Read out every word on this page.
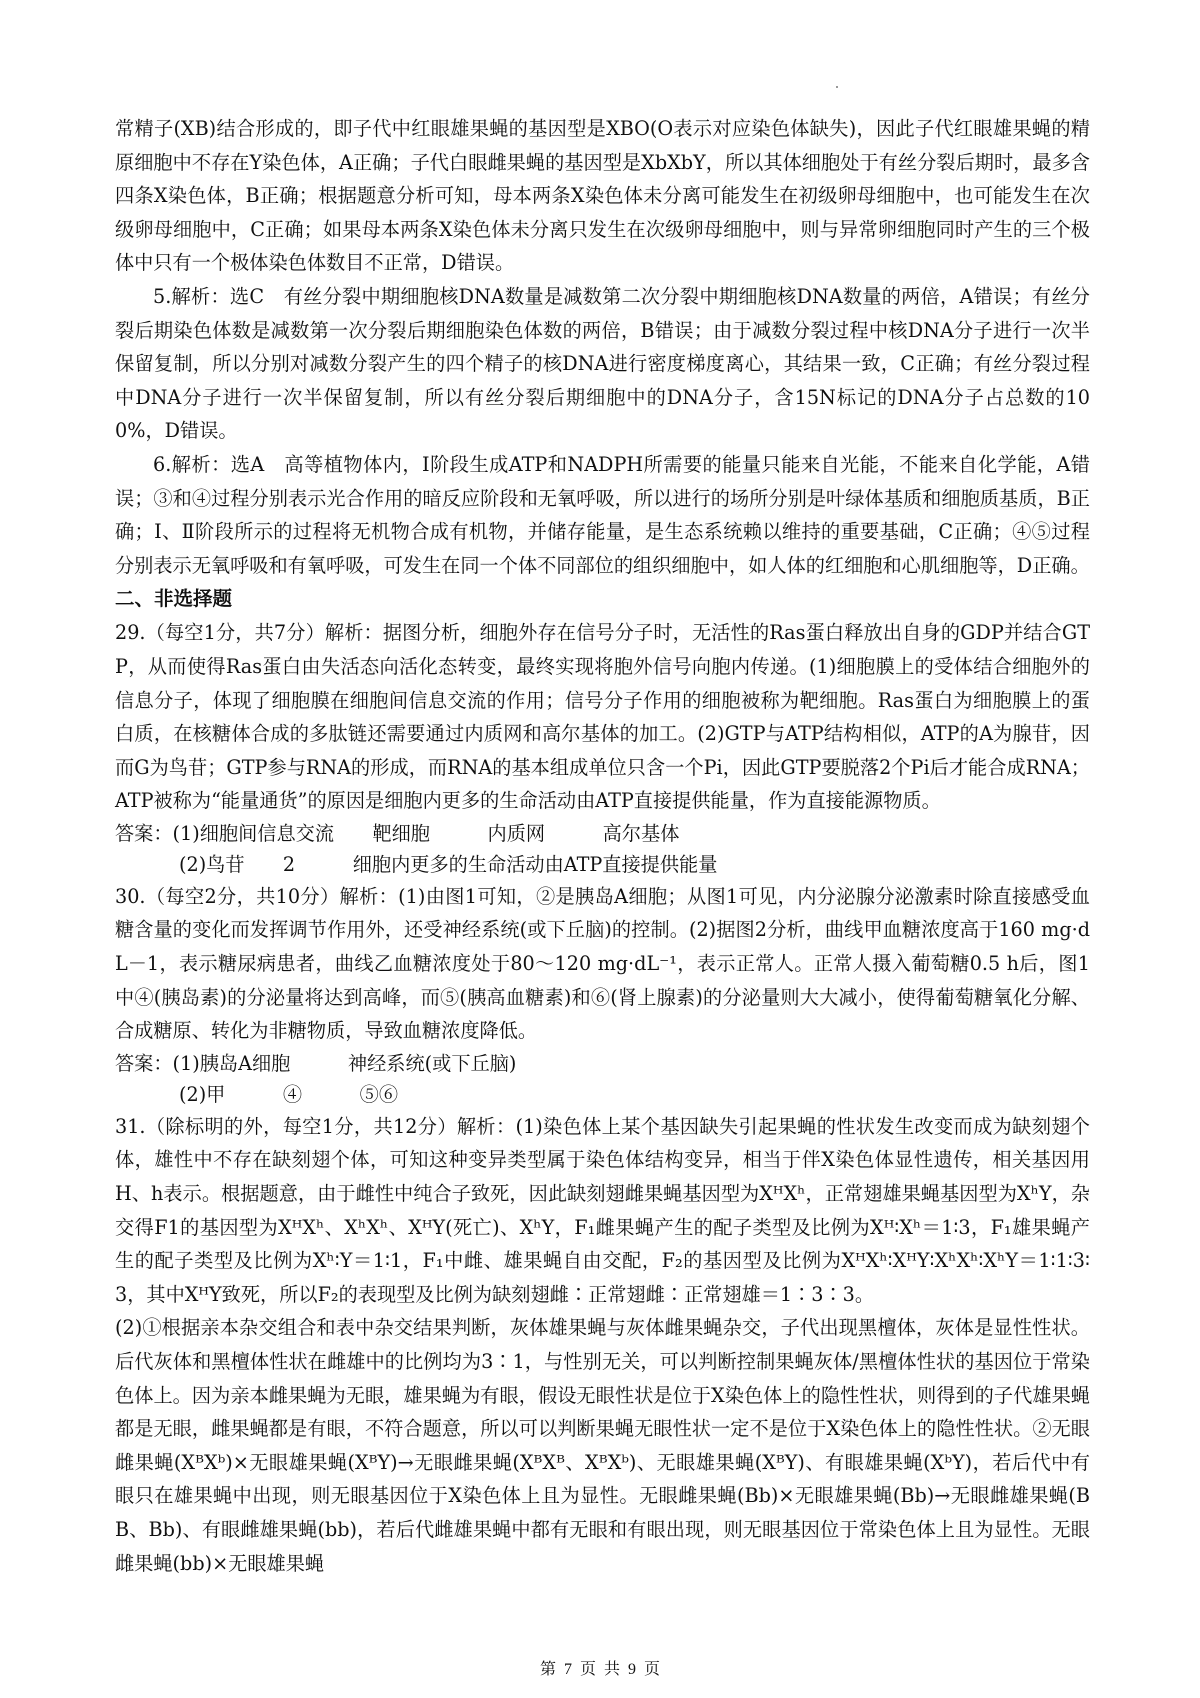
常精子(XB)结合形成的，即子代中红眼雄果蝇的基因型是XBO(O表示对应染色体缺失)，因此子代红眼雄果蝇的精原细胞中不存在Y染色体，A正确；子代白眼雌果蝇的基因型是XbXbY，所以其体细胞处于有丝分裂后期时，最多含四条X染色体，B正确；根据题意分析可知，母本两条X染色体未分离可能发生在初级卵母细胞中，也可能发生在次级卵母细胞中，C正确；如果母本两条X染色体未分离只发生在次级卵母细胞中，则与异常卵细胞同时产生的三个极体中只有一个极体染色体数目不正常，D错误。

5.解析：选C　有丝分裂中期细胞核DNA数量是减数第二次分裂中期细胞核DNA数量的两倍，A错误；有丝分裂后期染色体数是减数第一次分裂后期细胞染色体数的两倍，B错误；由于减数分裂过程中核DNA分子进行一次半保留复制，所以分别对减数分裂产生的四个精子的核DNA进行密度梯度离心，其结果一致，C正确；有丝分裂过程中DNA分子进行一次半保留复制，所以有丝分裂后期细胞中的DNA分子，含15N标记的DNA分子占总数的100%，D错误。

6.解析：选A　高等植物体内，Ⅰ阶段生成ATP和NADPH所需要的能量只能来自光能，不能来自化学能，A错误；③和④过程分别表示光合作用的暗反应阶段和无氧呼吸，所以进行的场所分别是叶绿体基质和细胞质基质，B正确；Ⅰ、Ⅱ阶段所示的过程将无机物合成有机物，并储存能量，是生态系统赖以维持的重要基础，C正确；④⑤过程分别表示无氧呼吸和有氧呼吸，可发生在同一个体不同部位的组织细胞中，如人体的红细胞和心肌细胞等，D正确。

二、非选择题

29.（每空1分，共7分）解析：据图分析，细胞外存在信号分子时，无活性的Ras蛋白释放出自身的GDP并结合GTP，从而使得Ras蛋白由失活态向活化态转变，最终实现将胞外信号向胞内传递。(1)细胞膜上的受体结合细胞外的信息分子，体现了细胞膜在细胞间信息交流的作用；信号分子作用的细胞被称为靶细胞。Ras蛋白为细胞膜上的蛋白质，在核糖体合成的多肽链还需要通过内质网和高尔基体的加工。(2)GTP与ATP结构相似，ATP的A为腺苷，因而G为鸟苷；GTP参与RNA的形成，而RNA的基本组成单位只含一个Pi，因此GTP要脱落2个Pi后才能合成RNA；ATP被称为“能量通货”的原因是细胞内更多的生命活动由ATP直接提供能量，作为直接能源物质。

答案：(1)细胞间信息交流　　靶细胞　　　内质网　　　高尔基体

(2)鸟苷　　2　　　细胞内更多的生命活动由ATP直接提供能量

30.（每空2分，共10分）解析：(1)由图1可知，②是胰岛A细胞；从图1可见，内分泌腺分泌激素时除直接感受血糖含量的变化而发挥调节作用外，还受神经系统(或下丘脑)的控制。(2)据图2分析，曲线甲血糖浓度高于160 mg·dL－1，表示糖尿病患者，曲线乙血糖浓度处于80～120 mg·dL⁻¹，表示正常人。正常人摄入葡萄糖0.5 h后，图1中④(胰岛素)的分泌量将达到高峰，而⑤(胰高血糖素)和⑥(肾上腺素)的分泌量则大大减小，使得葡萄糖氧化分解、合成糖原、转化为非糖物质，导致血糖浓度降低。

答案：(1)胰岛A细胞　　　神经系统(或下丘脑)

(2)甲　　　④　　　⑤⑥

31.（除标明的外，每空1分，共12分）解析：(1)染色体上某个基因缺失引起果蝇的性状发生改变而成为缺刻翅个体，雄性中不存在缺刻翅个体，可知这种变异类型属于染色体结构变异，相当于伴X染色体显性遗传，相关基因用H、h表示。根据题意，由于雌性中纯合子致死，因此缺刻翅雌果蝇基因型为XᴴXʰ，正常翅雄果蝇基因型为XʰY，杂交得F1的基因型为XᴴXʰ、XʰXʰ、XᴴY(死亡)、XʰY，F₁雌果蝇产生的配子类型及比例为Xᴴ∶Xʰ＝1∶3，F₁雄果蝇产生的配子类型及比例为Xʰ∶Y＝1∶1，F₁中雌、雄果蝇自由交配，F₂的基因型及比例为XᴴXʰ∶XᴴY∶XʰXʰ∶XʰY＝1∶1∶3∶3，其中XᴴY致死，所以F₂的表现型及比例为缺刻翅雌∶正常翅雌∶正常翅雄＝1∶3∶3。

(2)①根据亲本杂交组合和表中杂交结果判断，灰体雄果蝇与灰体雌果蝇杂交，子代出现黑檀体，灰体是显性性状。后代灰体和黑檀体性状在雌雄中的比例均为3∶1，与性别无关，可以判断控制果蝇灰体/黑檀体性状的基因位于常染色体上。因为亲本雌果蝇为无眼，雄果蝇为有眼，假设无眼性状是位于X染色体上的隐性性状，则得到的子代雄果蝇都是无眼，雌果蝇都是有眼，不符合题意，所以可以判断果蝇无眼性状一定不是位于X染色体上的隐性性状。②无眼雌果蝇(XᴮXᵇ)×无眼雄果蝇(XᴮY)→无眼雌果蝇(XᴮXᴮ、XᴮXᵇ)、无眼雄果蝇(XᴮY)、有眼雄果蝇(XᵇY)，若后代中有眼只在雄果蝇中出现，则无眼基因位于X染色体上且为显性。无眼雌果蝇(Bb)×无眼雄果蝇(Bb)→无眼雌雄果蝇(BB、Bb)、有眼雌雄果蝇(bb)，若后代雌雄果蝇中都有无眼和有眼出现，则无眼基因位于常染色体上且为显性。无眼雌果蝇(bb)×无眼雄果蝇

第 7 页 共 9 页
